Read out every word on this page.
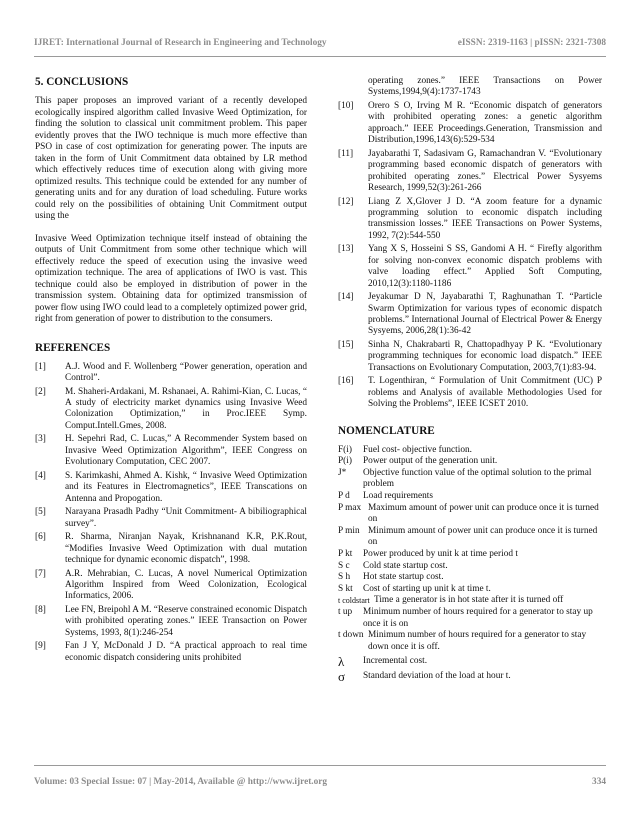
IJRET: International Journal of Research in Engineering and Technology	eISSN: 2319-1163 | pISSN: 2321-7308
5. CONCLUSIONS

This paper proposes an improved variant of a recently developed ecologically inspired algorithm called Invasive Weed Optimization, for finding the solution to classical unit commitment problem. This paper evidently proves that the IWO technique is much more effective than PSO in case of cost optimization for generating power. The inputs are taken in the form of Unit Commitment data obtained by LR method which effectively reduces time of execution along with giving more optimized results. This technique could be extended for any number of generating units and for any duration of load scheduling. Future works could rely on the possibilities of obtaining Unit Commitment output using the

Invasive Weed Optimization technique itself instead of obtaining the outputs of Unit Commitment from some other technique which will effectively reduce the speed of execution using the invasive weed optimization technique. The area of applications of IWO is vast. This technique could also be employed in distribution of power in the transmission system. Obtaining data for optimized transmission of power flow using IWO could lead to a completely optimized power grid, right from generation of power to distribution to the consumers.

REFERENCES
[1]	A.J. Wood and F. Wollenberg “Power generation, operation and Control”.
[2]	M. Shaheri-Ardakani, M. Rshanaei, A. Rahimi-Kian, C. Lucas, “ A study of electricity market dynamics using Invasive Weed Colonization Optimization,” in Proc.IEEE Symp. Comput.Intell.Gmes, 2008.
[3]	H. Sepehri Rad, C. Lucas,” A Recommender System based on Invasive Weed Optimization Algorithm”, IEEE Congress on Evolutionary Computation, CEC 2007.
[4]	S. Karimkashi, Ahmed A. Kishk, “ Invasive Weed Optimization and its Features in Electromagnetics”, IEEE Transcations on Antenna and Propogation.
[5]	Narayana Prasadh Padhy “Unit Commitment- A bibiliographical survey”.
[6]	R. Sharma, Niranjan Nayak, Krishnanand K.R, P.K.Rout, “Modifies Invasive Weed Optimization with dual mutation technique for dynamic economic dispatch”, 1998.
[7]	A.R. Mehrabian, C. Lucas, A novel Numerical Optimization Algorithm Inspired from Weed Colonization, Ecological Informatics, 2006.
[8]	Lee FN, Breipohl A M. “Reserve constrained economic Dispatch with prohibited operating zones.” IEEE Transaction on Power Systems, 1993, 8(1):246-254
[9]	Fan J Y, McDonald J D. “A practical approach to real time economic dispatch considering units prohibited
operating zones.” IEEE Transactions on Power Systems,1994,9(4):1737-1743
[10]	Orero S O, Irving M R. “Economic dispatch of generators with prohibited operating zones: a genetic algorithm approach.” IEEE Proceedings.Generation, Transmission and Distribution,1996,143(6):529-534
[11]	Jayabarathi T, Sadasivam G, Ramachandran V. “Evolutionary programming based economic dispatch of generators with prohibited operating zones.” Electrical Power Sysyems Research, 1999,52(3):261-266
[12]	Liang Z X,Glover J D. “A zoom feature for a dynamic programming solution to economic dispatch including transmission losses.” IEEE Transactions on Power Systems, 1992, 7(2):544-550
[13]	Yang X S, Hosseini S SS, Gandomi A H. “ Firefly algorithm for solving non-convex economic dispatch problems with valve loading effect.” Applied Soft Computing, 2010,12(3):1180-1186
[14]	Jeyakumar D N, Jayabarathi T, Raghunathan T. “Particle Swarm Optimization for various types of economic dispatch problems.” International Journal of Electrical Power & Energy Sysyems, 2006,28(1):36-42
[15]	Sinha N, Chakrabarti R, Chattopadhyay P K. “Evolutionary programming techniques for economic load dispatch.” IEEE Transactions on Evolutionary Computation, 2003,7(1):83-94.
[16]	T. Logenthiran, “ Formulation of Unit Commitment (UC) P roblems and Analysis of available Methodologies Used for Solving the Problems”, IEEE ICSET 2010.
NOMENCLATURE
F(i)	Fuel cost- objective function.
P(i)	Power output of the generation unit.
J*	Objective function value of the optimal solution to the primal problem
P d	Load requirements
P max Maximum amount of power unit can produce once it is turned on
P min Minimum amount of power unit can produce once it is turned on
P kt	Power produced by unit k at time period t
S c	Cold state startup cost.
S h	Hot state startup cost.
S kt	Cost of starting up unit k at time t.
t coldstart Time a generator is in hot state after it is turned off
t up	Minimum number of hours required for a generator to stay up once it is on
t down Minimum number of hours required for a generator to stay down once it is off.
λ	Incremental cost.
σ	Standard deviation of the load at hour t.
Volume: 03 Special Issue: 07 | May-2014, Available @ http://www.ijret.org	334
